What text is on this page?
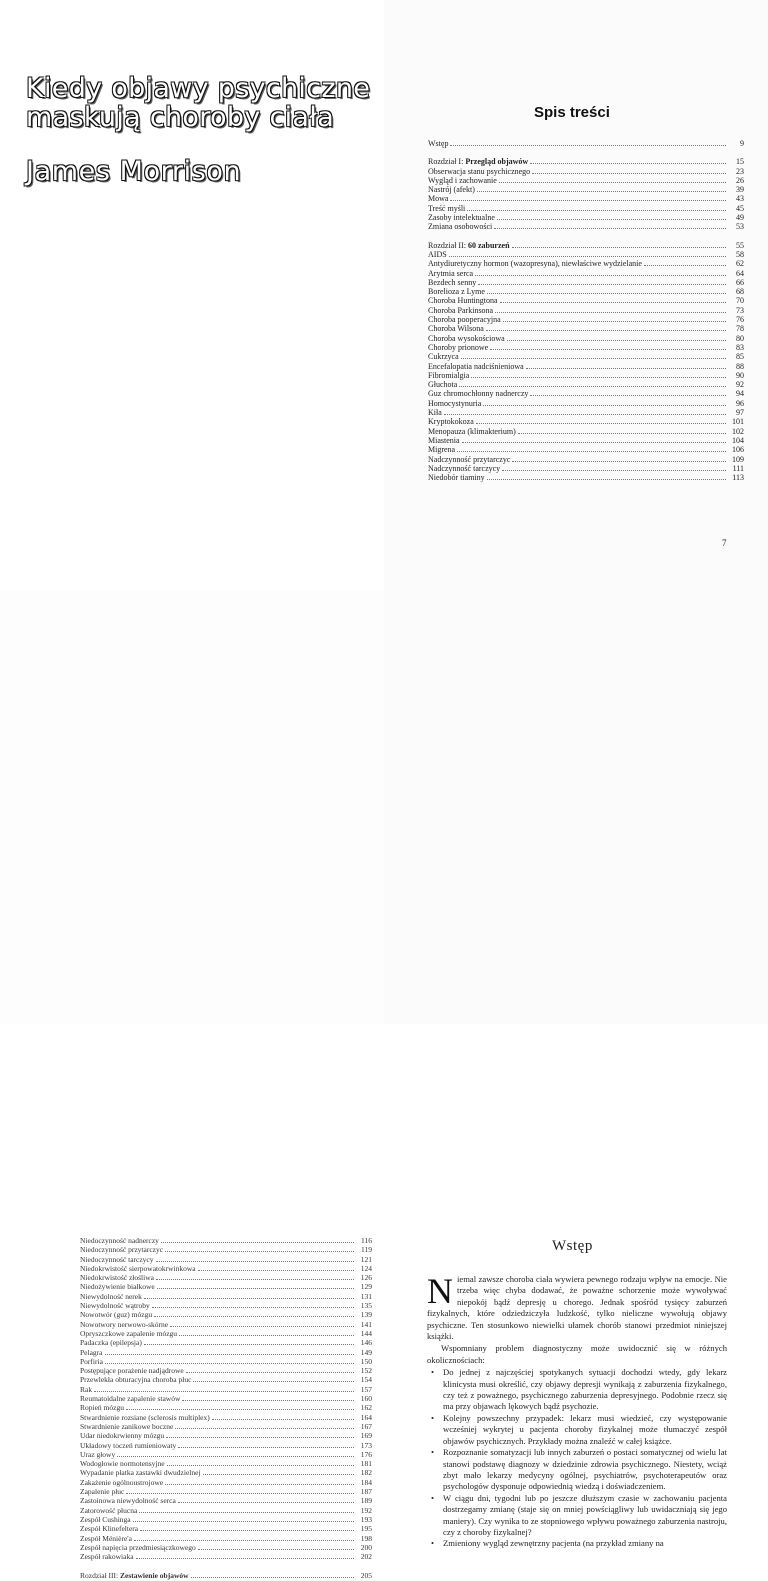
Kiedy objawy psychiczne
maskują choroby ciała
James Morrison
Spis treści
Wstęp	9
Rozdział I: Przegląd objawów	15
Obserwacja stanu psychicznego	23
Wygląd i zachowanie	26
Nastrój (afekt)	39
Mowa	43
Treść myśli	45
Zasoby intelektualne	49
Zmiana osobowości	53
Rozdział II: 60 zaburzeń	55
AIDS	58
Antydiuretyczny hormon (wazopresyna), niewłaściwe wydzielanie	62
Arytmia serca	64
Bezdech senny	66
Borelioza z Lyme	68
Choroba Huntingtona	70
Choroba Parkinsona	73
Choroba pooperacyjna	76
Choroba Wilsona	78
Choroba wysokościowa	80
Choroby prionowe	83
Cukrzyca	85
Encefalopatia nadciśnieniowa	88
Fibromialgia	90
Głuchota	92
Guz chromochłonny nadnerczy	94
Homocystynuria	96
Kiła	97
Kryptokokoza	101
Menopauza (klimakterium)	102
Miastenia	104
Migrena	106
Nadczynność przytarczyc	109
Nadczynność tarczycy	111
Niedobór tiaminy	113
7
Niedoczynność nadnerczy	116
Niedoczynność przytarczyc	119
Niedoczynność tarczycy	121
Niedokrwistość sierpowatokrwinkowa	124
Niedokrwistość złośliwa	126
Niedożywienie białkowe	129
Niewydolność nerek	131
Niewydolność wątroby	135
Nowotwór (guz) mózgu	139
Nowotwory nerwowo-skórne	141
Opryszczkowe zapalenie mózgu	144
Padaczka (epilepsja)	146
Pelagra	149
Porfiria	150
Postępujące porażenie nadjądrowe	152
Przewlekła obturacyjna choroba płuc	154
Rak	157
Reumatoidalne zapalenie stawów	160
Ropień mózgu	162
Stwardnienie rozsiane (sclerosis multiplex)	164
Stwardnienie zanikowe boczne	167
Udar niedokrwienny mózgu	169
Układowy toczeń rumieniowaty	173
Uraz głowy	176
Wodogłowie normotensyjne	181
Wypadanie płatka zastawki dwudzielnej	182
Zakażenie ogólnoustrojowe	184
Zapalenie płuc	187
Zastoinowa niewydolność serca	189
Zatorowość płucna	192
Zespół Cushinga	193
Zespół Klinefeltera	195
Zespół Ménière'a	198
Zespół napięcia przedmiesiączkowego	200
Zespół rakowiaka	202
Rozdział III: Zestawienie objawów	205
Wstęp

Niemal zawsze choroba ciała wywiera pewnego rodzaju wpływ na emocje. Nie trzeba więc chyba dodawać, że poważne schorzenie może wywoływać niepokój bądź depresję u chorego. Jednak spośród tysięcy zaburzeń fizykalnych, które odziedziczyła ludzkość, tylko nieliczne wywołują objawy psychiczne. Ten stosunkowo niewielki ułamek chorób stanowi przedmiot niniejszej książki.

Wspomniany problem diagnostyczny może uwidocznić się w różnych okolicznościach:

• Do jednej z najczęściej spotykanych sytuacji dochodzi wtedy, gdy lekarz klinicysta musi określić, czy objawy depresji wynikają z zaburzenia fizykalnego, czy też z poważnego, psychicznego zaburzenia depresyjnego. Podobnie rzecz się ma przy objawach lękowych bądź psychozie.
• Kolejny powszechny przypadek: lekarz musi wiedzieć, czy występowanie wcześniej wykrytej u pacjenta choroby fizykalnej może tłumaczyć zespół objawów psychicznych. Przykłady można znaleźć w całej książce.
• Rozpoznanie somatyzacji lub innych zaburzeń o postaci somatycznej od wielu lat stanowi podstawę diagnozy w dziedzinie zdrowia psychicznego. Niestety, wciąż zbyt mało lekarzy medycyny ogólnej, psychiatrów, psychoterapeutów oraz psychologów dysponuje odpowiednią wiedzą i doświadczeniem.
• W ciągu dni, tygodni lub po jeszcze dłuższym czasie w zachowaniu pacjenta dostrzegamy zmianę (staje się on mniej powściągliwy lub uwidaczniają się jego maniery). Czy wynika to ze stopniowego wpływu poważnego zaburzenia nastroju, czy z choroby fizykalnej?
• Zmieniony wygląd zewnętrzny pacjenta (na przykład zmiany na
